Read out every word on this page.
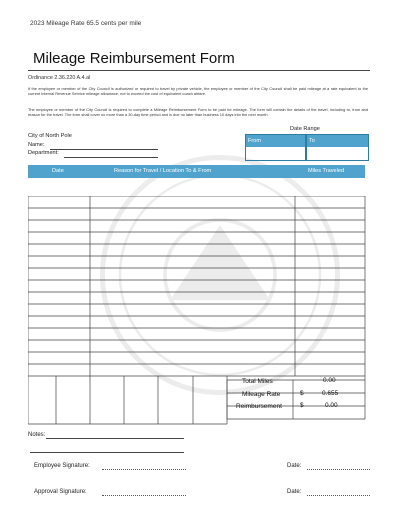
2023 Mileage Rate 65.5 cents per mile
Mileage Reimbursement Form
Ordinance 2.36.220 A.4.al
If the employee or member of the City Council is authorized or required to travel by private vehicle, the employee or member of the City Council shall be paid mileage at a rate equivalent to the current Internal Revenue Service mileage allowance, not to exceed the cost of equivalent coach airfare.
The employee or member of the City Council is required to complete a Mileage Reimbursement Form to be paid for mileage. The form will contain the details of the travel, including to, from and reason for the travel. The form shall cover no more than a 30-day time period and is due no later than business 10 days into the next month.
City of North Pole
Name:
Department:
Date Range
From	To
Date	Reason for Travel / Location To & From	Miles Traveled
Total Miles	0.00
Mileage Rate	$	0.655
Reimbursement	$	0.00
Notes:
Employee Signature:	Date:
Approval Signature:	Date:
